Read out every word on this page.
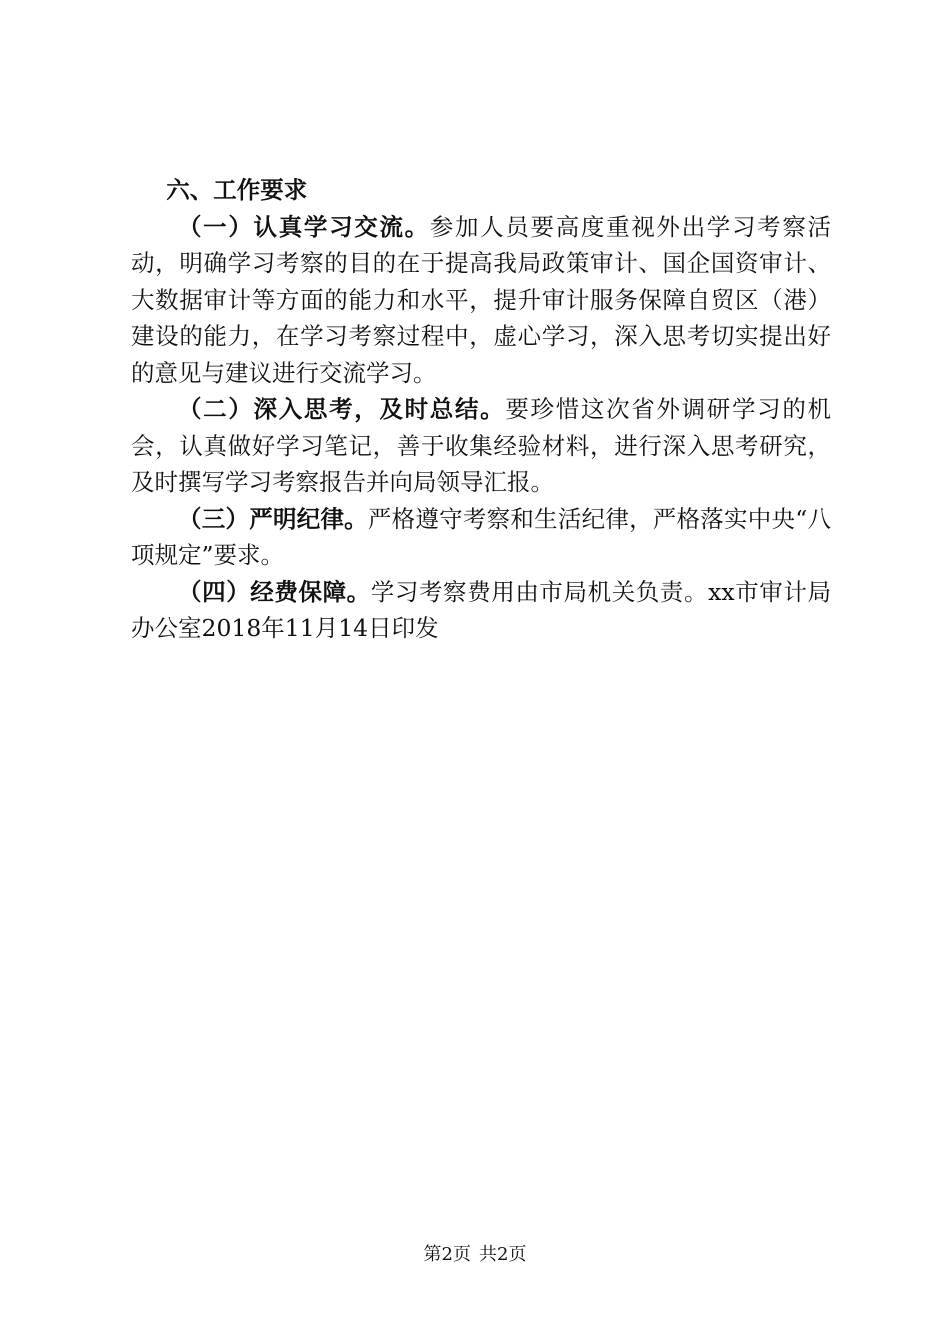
六、工作要求

（一）认真学习交流。参加人员要高度重视外出学习考察活动，明确学习考察的目的在于提高我局政策审计、国企国资审计、大数据审计等方面的能力和水平，提升审计服务保障自贸区（港）建设的能力，在学习考察过程中，虚心学习，深入思考切实提出好的意见与建议进行交流学习。

（二）深入思考，及时总结。要珍惜这次省外调研学习的机会，认真做好学习笔记，善于收集经验材料，进行深入思考研究，及时撰写学习考察报告并向局领导汇报。

（三）严明纪律。严格遵守考察和生活纪律，严格落实中央“八项规定”要求。

（四）经费保障。学习考察费用由市局机关负责。xx市审计局办公室2018年11月14日印发

第2页 共2页
